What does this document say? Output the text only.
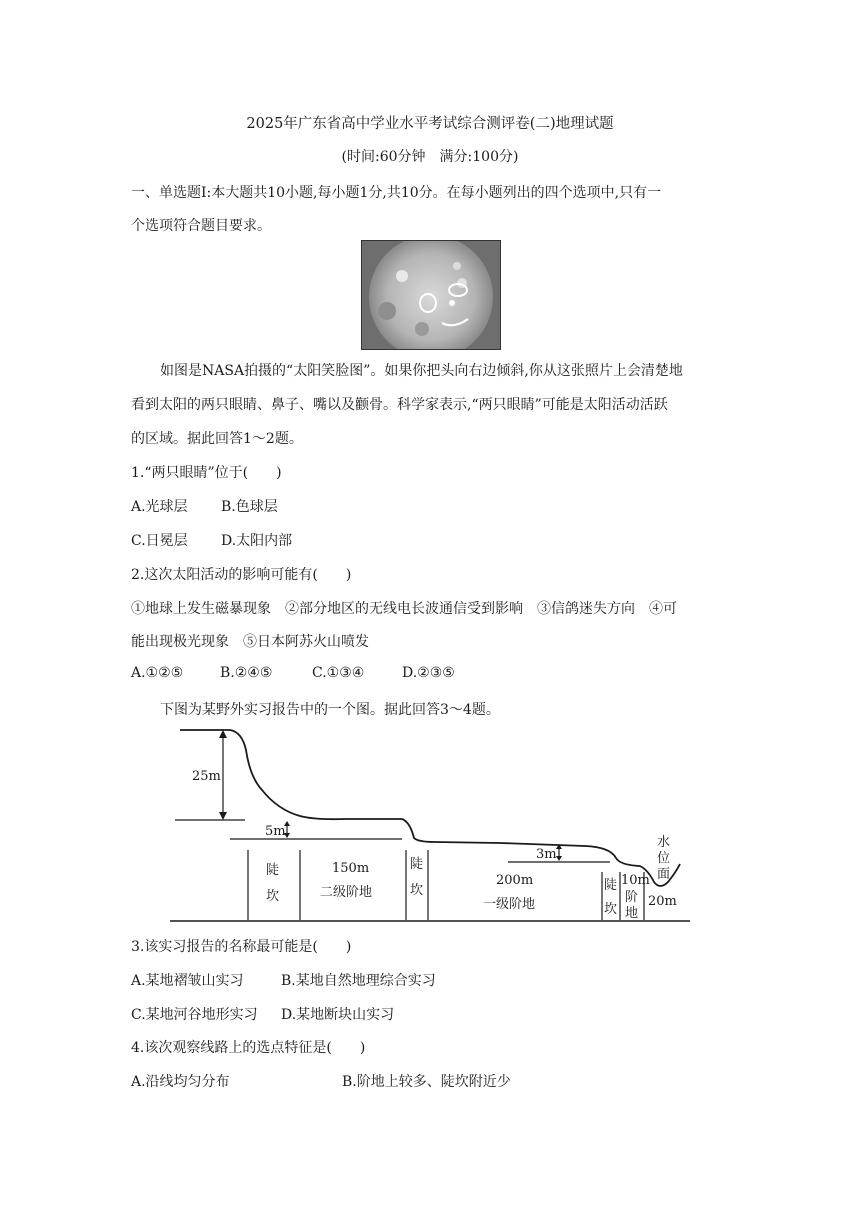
2025年广东省高中学业水平考试综合测评卷(二)地理试题
(时间:60分钟　满分:100分)
一、单选题Ⅰ:本大题共10小题,每小题1分,共10分。在每小题列出的四个选项中,只有一
个选项符合题目要求。
如图是NASA拍摄的“太阳笑脸图”。如果你把头向右边倾斜,你从这张照片上会清楚地
看到太阳的两只眼睛、鼻子、嘴以及颧骨。科学家表示,“两只眼睛”可能是太阳活动活跃
的区域。据此回答1～2题。
1.“两只眼睛”位于(　　)
A.光球层 B.色球层
C.日冕层 D.太阳内部
2.这次太阳活动的影响可能有(　　)
①地球上发生磁暴现象　②部分地区的无线电长波通信受到影响　③信鸽迷失方向　④可
能出现极光现象　⑤日本阿苏火山喷发
A.①②⑤	B.②④⑤	C.①③④	D.②③⑤
下图为某野外实习报告中的一个图。据此回答3～4题。
25m
5m
3m
陡
坎
150m
二级阶地
陡
坎
200m
一级阶地
陡
坎
10m
阶
地
水
位
面
20m
3.该实习报告的名称最可能是(　　)
A.某地褶皱山实习	B.某地自然地理综合实习
C.某地河谷地形实习 D.某地断块山实习
4.该次观察线路上的选点特征是(　　)
A.沿线均匀分布	B.阶地上较多、陡坎附近少
